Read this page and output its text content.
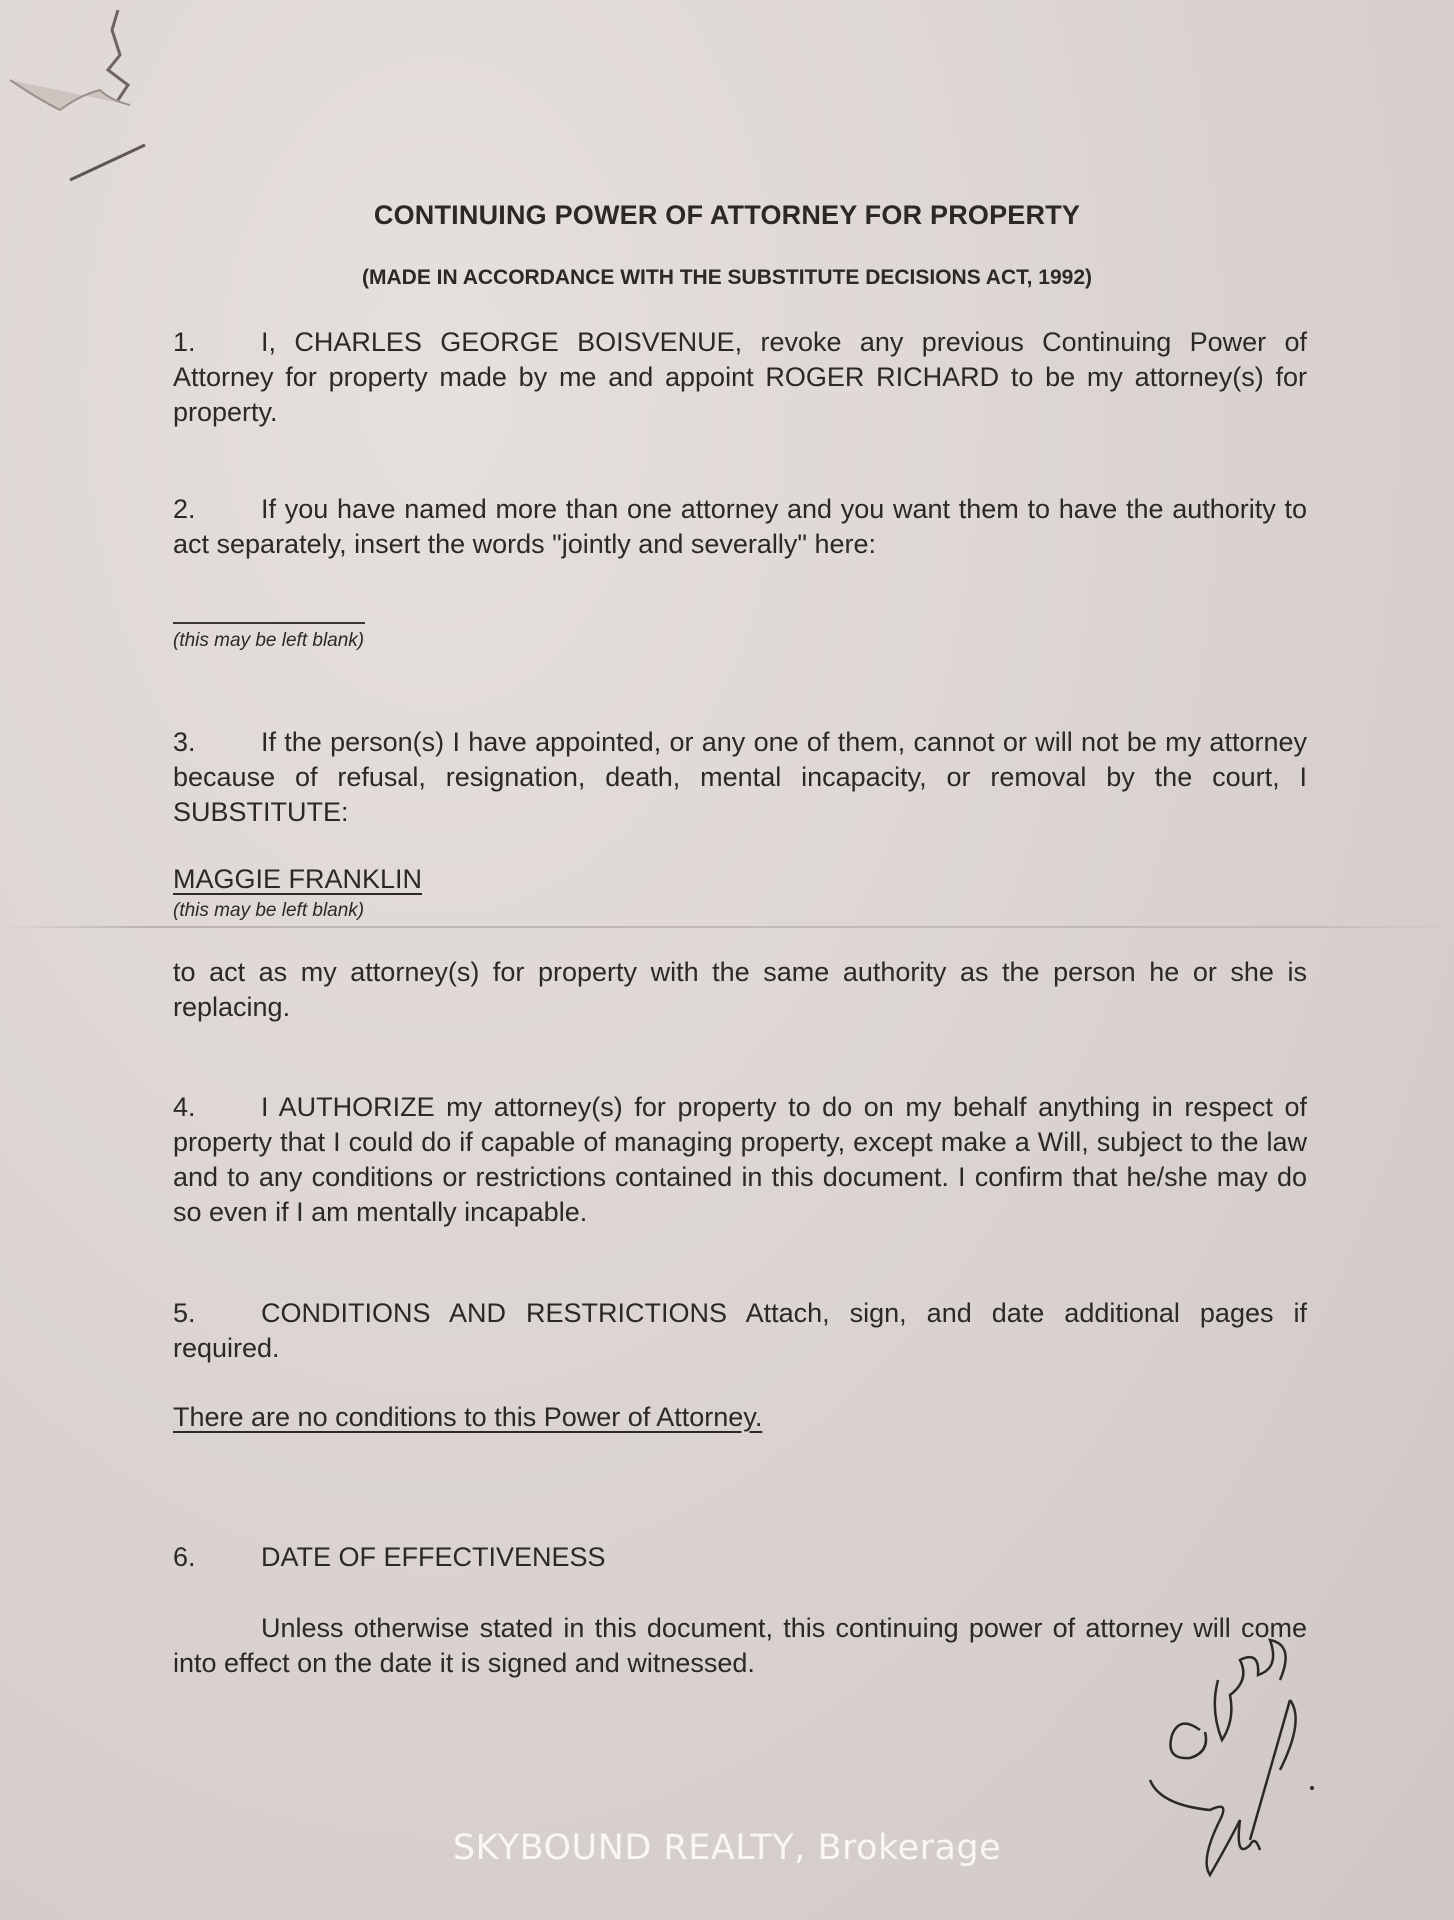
CONTINUING POWER OF ATTORNEY FOR PROPERTY
(MADE IN ACCORDANCE WITH THE SUBSTITUTE DECISIONS ACT, 1992)
1. I, CHARLES GEORGE BOISVENUE, revoke any previous Continuing Power of Attorney for property made by me and appoint ROGER RICHARD to be my attorney(s) for property.
2. If you have named more than one attorney and you want them to have the authority to act separately, insert the words "jointly and severally" here:
(this may be left blank)
3. If the person(s) I have appointed, or any one of them, cannot or will not be my attorney because of refusal, resignation, death, mental incapacity, or removal by the court, I SUBSTITUTE:
MAGGIE FRANKLIN
(this may be left blank)
to act as my attorney(s) for property with the same authority as the person he or she is replacing.
4. I AUTHORIZE my attorney(s) for property to do on my behalf anything in respect of property that I could do if capable of managing property, except make a Will, subject to the law and to any conditions or restrictions contained in this document. I confirm that he/she may do so even if I am mentally incapable.
5. CONDITIONS AND RESTRICTIONS Attach, sign, and date additional pages if required.
There are no conditions to this Power of Attorney.
6. DATE OF EFFECTIVENESS
Unless otherwise stated in this document, this continuing power of attorney will come into effect on the date it is signed and witnessed.
SKYBOUND REALTY, Brokerage
